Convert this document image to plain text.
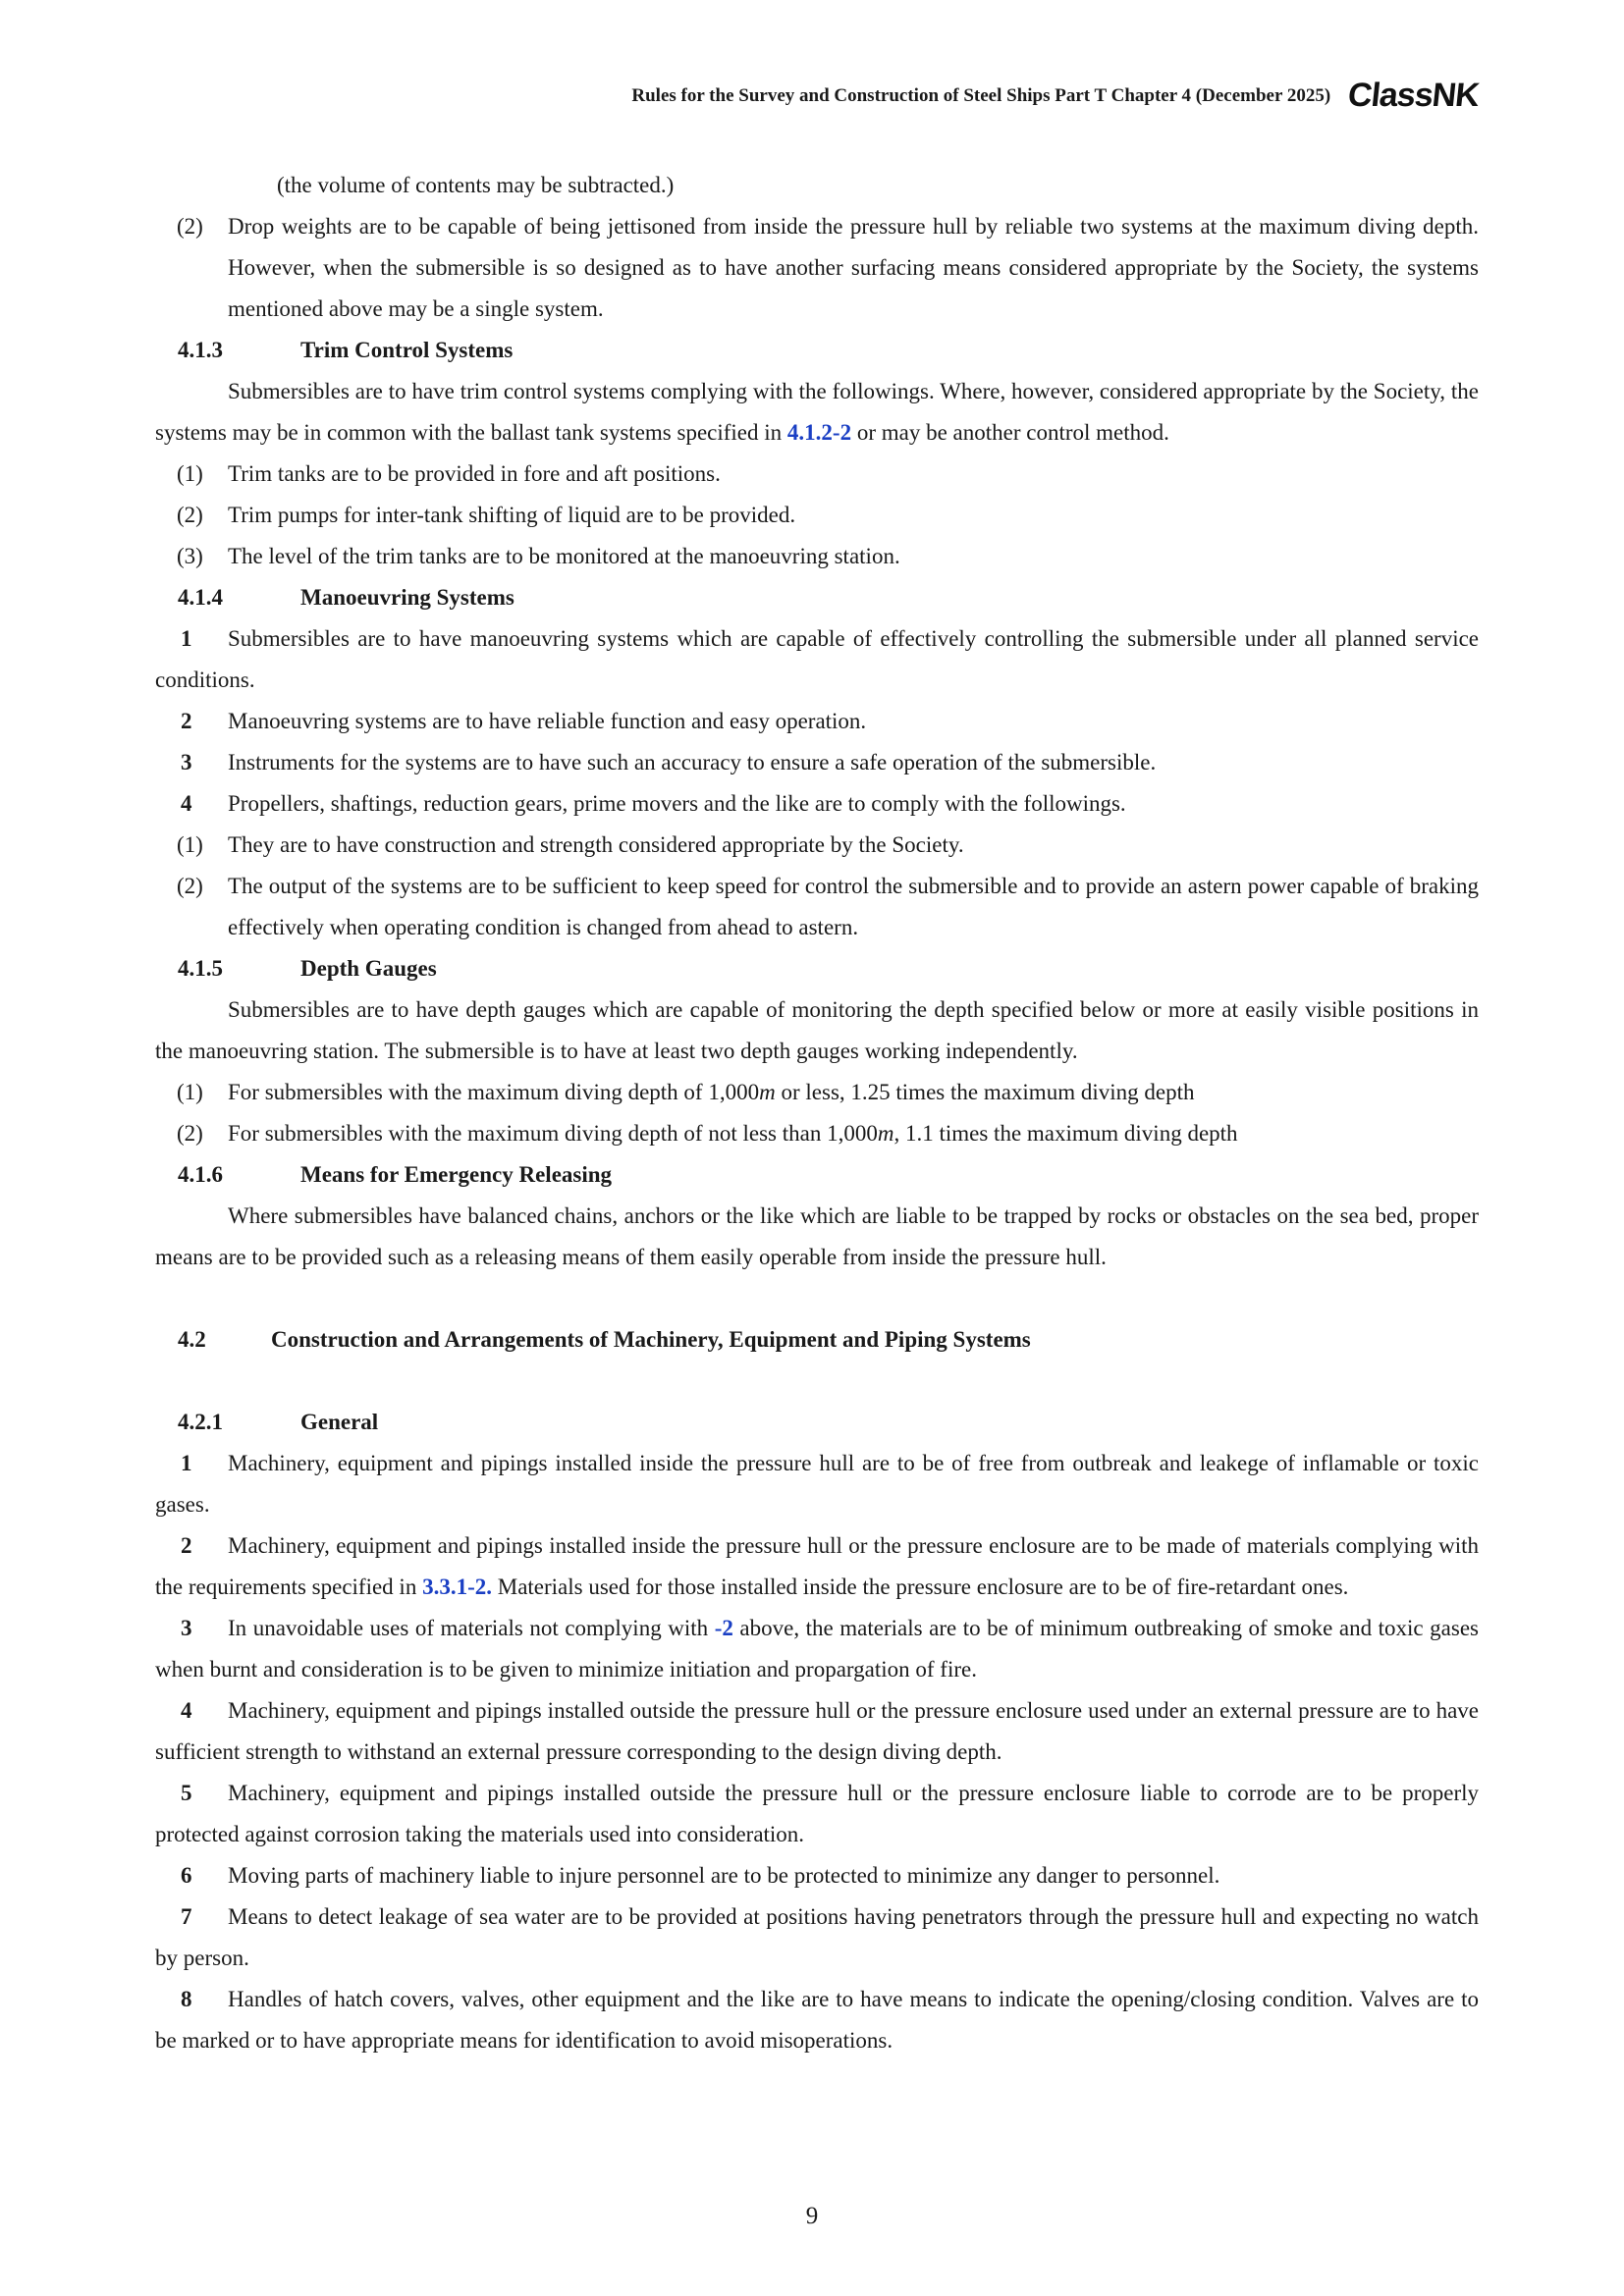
Rules for the Survey and Construction of Steel Ships Part T Chapter 4 (December 2025) ClassNK

(the volume of contents may be subtracted.)

(2)	Drop weights are to be capable of being jettisoned from inside the pressure hull by reliable two systems at the maximum diving depth. However, when the submersible is so designed as to have another surfacing means considered appropriate by the Society, the systems mentioned above may be a single system.

4.1.3	Trim Control Systems

Submersibles are to have trim control systems complying with the followings. Where, however, considered appropriate by the Society, the systems may be in common with the ballast tank systems specified in 4.1.2-2 or may be another control method.

(1)	Trim tanks are to be provided in fore and aft positions.
(2)	Trim pumps for inter-tank shifting of liquid are to be provided.
(3)	The level of the trim tanks are to be monitored at the manoeuvring station.

4.1.4	Manoeuvring Systems

1 Submersibles are to have manoeuvring systems which are capable of effectively controlling the submersible under all planned service conditions.

2 Manoeuvring systems are to have reliable function and easy operation.

3 Instruments for the systems are to have such an accuracy to ensure a safe operation of the submersible.

4 Propellers, shaftings, reduction gears, prime movers and the like are to comply with the followings.

(1)	They are to have construction and strength considered appropriate by the Society.
(2)	The output of the systems are to be sufficient to keep speed for control the submersible and to provide an astern power capable of braking effectively when operating condition is changed from ahead to astern.

4.1.5	Depth Gauges

Submersibles are to have depth gauges which are capable of monitoring the depth specified below or more at easily visible positions in the manoeuvring station. The submersible is to have at least two depth gauges working independently.

(1)	For submersibles with the maximum diving depth of 1,000m or less, 1.25 times the maximum diving depth
(2)	For submersibles with the maximum diving depth of not less than 1,000m, 1.1 times the maximum diving depth

4.1.6	Means for Emergency Releasing

Where submersibles have balanced chains, anchors or the like which are liable to be trapped by rocks or obstacles on the sea bed, proper means are to be provided such as a releasing means of them easily operable from inside the pressure hull.

4.2	Construction and Arrangements of Machinery, Equipment and Piping Systems

4.2.1	General

1 Machinery, equipment and pipings installed inside the pressure hull are to be of free from outbreak and leakege of inflamable or toxic gases.

2 Machinery, equipment and pipings installed inside the pressure hull or the pressure enclosure are to be made of materials complying with the requirements specified in 3.3.1-2. Materials used for those installed inside the pressure enclosure are to be of fire-retardant ones.

3 In unavoidable uses of materials not complying with -2 above, the materials are to be of minimum outbreaking of smoke and toxic gases when burnt and consideration is to be given to minimize initiation and propargation of fire.

4 Machinery, equipment and pipings installed outside the pressure hull or the pressure enclosure used under an external pressure are to have sufficient strength to withstand an external pressure corresponding to the design diving depth.

5 Machinery, equipment and pipings installed outside the pressure hull or the pressure enclosure liable to corrode are to be properly protected against corrosion taking the materials used into consideration.

6 Moving parts of machinery liable to injure personnel are to be protected to minimize any danger to personnel.

7 Means to detect leakage of sea water are to be provided at positions having penetrators through the pressure hull and expecting no watch by person.

8 Handles of hatch covers, valves, other equipment and the like are to have means to indicate the opening/closing condition. Valves are to be marked or to have appropriate means for identification to avoid misoperations.

9
